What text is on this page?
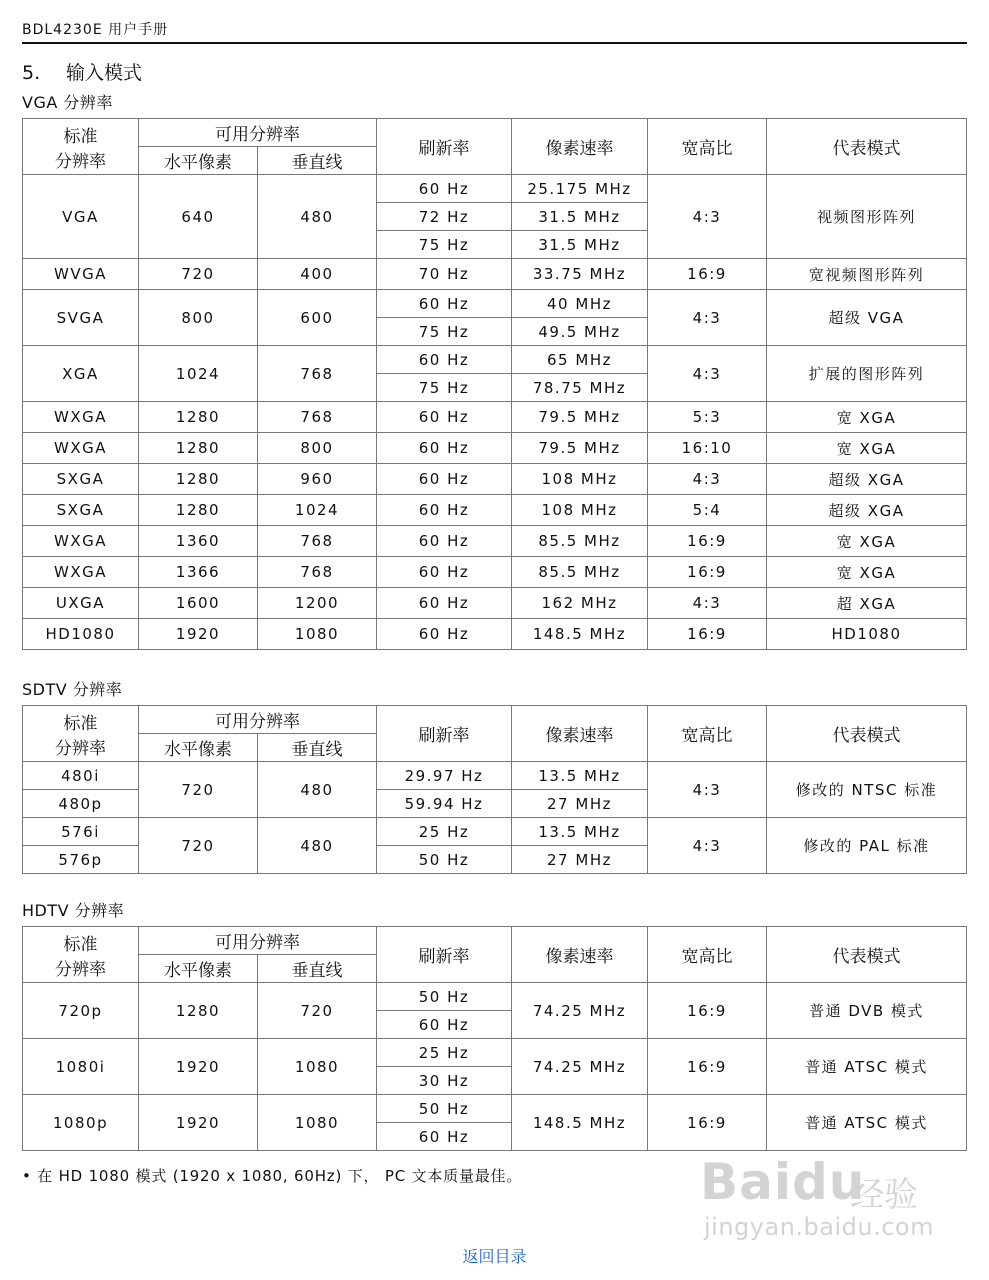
BDL4230E 用户手册
5. 输入模式
VGA 分辨率
标准
分辨率	可用分辨率		刷新率	像素速率	宽高比	代表模式
	水平像素	垂直线				
VGA	640	480	60 Hz	25.175 MHz	4:3	视频图形阵列
			72 Hz	31.5 MHz		
			75 Hz	31.5 MHz		
WVGA	720	400	70 Hz	33.75 MHz	16:9	宽视频图形阵列
SVGA	800	600	60 Hz	40 MHz	4:3	超级 VGA
			75 Hz	49.5 MHz		
XGA	1024	768	60 Hz	65 MHz	4:3	扩展的图形阵列
			75 Hz	78.75 MHz		
WXGA	1280	768	60 Hz	79.5 MHz	5:3	宽 XGA
WXGA	1280	800	60 Hz	79.5 MHz	16:10	宽 XGA
SXGA	1280	960	60 Hz	108 MHz	4:3	超级 XGA
SXGA	1280	1024	60 Hz	108 MHz	5:4	超级 XGA
WXGA	1360	768	60 Hz	85.5 MHz	16:9	宽 XGA
WXGA	1366	768	60 Hz	85.5 MHz	16:9	宽 XGA
UXGA	1600	1200	60 Hz	162 MHz	4:3	超 XGA
HD1080	1920	1080	60 Hz	148.5 MHz	16:9	HD1080
SDTV 分辨率
标准
分辨率	可用分辨率		刷新率	像素速率	宽高比	代表模式
	水平像素	垂直线				
480i	720	480	29.97 Hz	13.5 MHz	4:3	修改的 NTSC 标准
480p			59.94 Hz	27 MHz		
576i	720	480	25 Hz	13.5 MHz	4:3	修改的 PAL 标准
576p			50 Hz	27 MHz		
HDTV 分辨率
标准
分辨率	可用分辨率		刷新率	像素速率	宽高比	代表模式
	水平像素	垂直线				
720p	1280	720	50 Hz	74.25 MHz	16:9	普通 DVB 模式
			60 Hz			
1080i	1920	1080	25 Hz	74.25 MHz	16:9	普通 ATSC 模式
			30 Hz			
1080p	1920	1080	50 Hz	148.5 MHz	16:9	普通 ATSC 模式
			60 Hz			
• 在 HD 1080 模式 (1920 x 1080, 60Hz) 下， PC 文本质量最佳。	Baidu
经验
jingyan.baidu.com
返回目录
